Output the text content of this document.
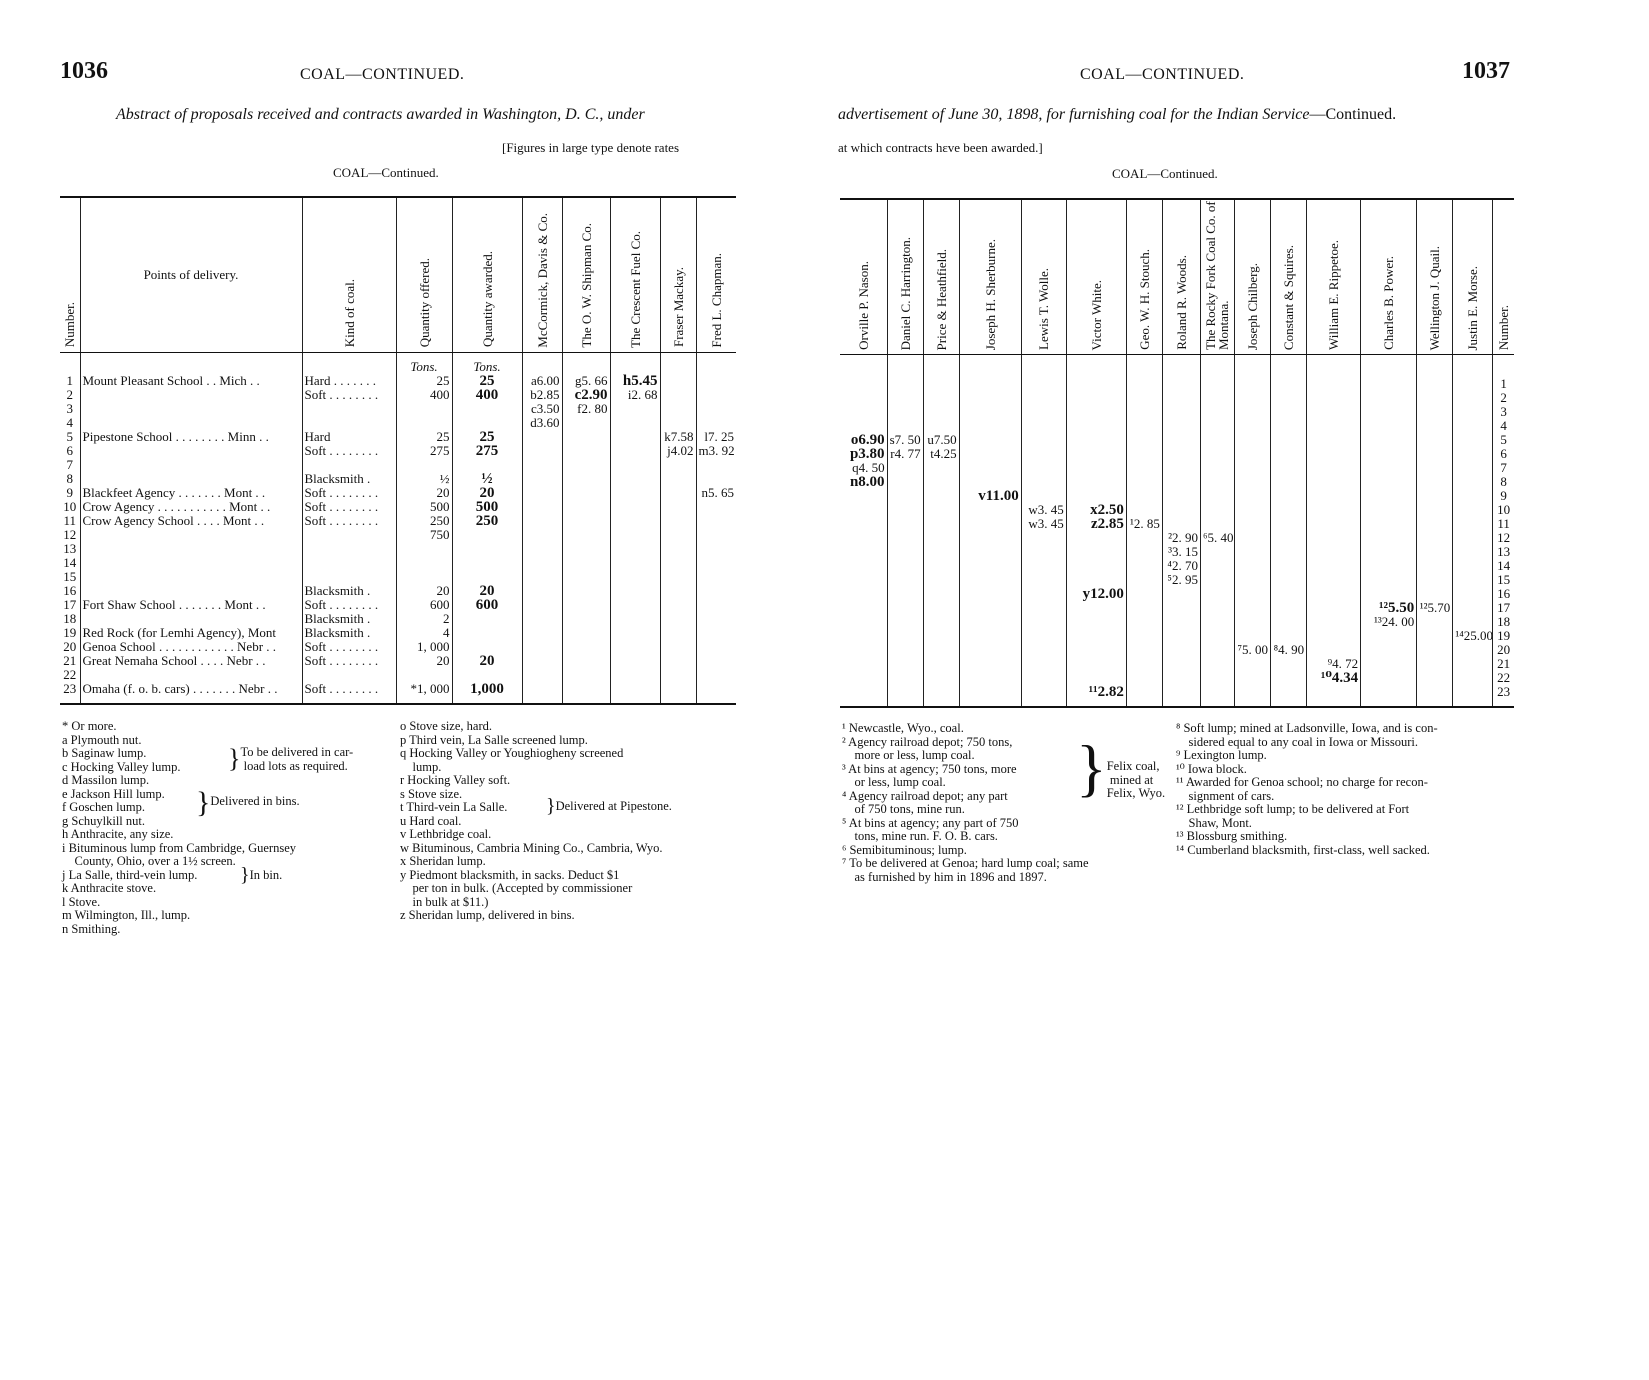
1036	COAL—CONTINUED.
Abstract of proposals received and contracts awarded in Washington, D. C., under
[Figures in large type denote rates
COAL—Continued.
Number.	Points of delivery.	Kind of coal.	Quantity offered.	Quantity awarded.	McCormick, Davis & Co.	The O. W. Shipman Co.	The Crescent Fuel Co.	Fraser Mackay.	Fred L. Chapman.
			Tons.	Tons.					
1	Mount Pleasant School . . Mich . .	Hard . . . . . . .	25	25	a6.00	g5. 66	h5.45		
2		Soft . . . . . . . .	400	400	b2.85	c2.90	i2. 68		
3					c3.50	f2. 80			
4					d3.60				
5	Pipestone School . . . . . . . . Minn . .	Hard	25	25				k7.58	l7. 25
6		Soft . . . . . . . .	275	275				j4.02	m3. 92
7									
8		Blacksmith .	½	½					
9	Blackfeet Agency . . . . . . . Mont . .	Soft . . . . . . . .	20	20					n5. 65
10	Crow Agency . . . . . . . . . . . Mont . .	Soft . . . . . . . .	500	500					
11	Crow Agency School . . . . Mont . .	Soft . . . . . . . .	250	250					
12			750						
13									
14									
15									
16		Blacksmith .	20	20					
17	Fort Shaw School . . . . . . . Mont . .	Soft . . . . . . . .	600	600					
18		Blacksmith .	2						
19	Red Rock (for Lemhi Agency), Mont	Blacksmith .	4						
20	Genoa School . . . . . . . . . . . . Nebr . .	Soft . . . . . . . .	1, 000						
21	Great Nemaha School . . . . Nebr . .	Soft . . . . . . . .	20	20					
22									
23	Omaha (f. o. b. cars) . . . . . . . Nebr . .	Soft . . . . . . . .	*1, 000	1,000					

* Or more.
a Plymouth nut.
b Saginaw lump.
c Hocking Valley lump.
d Massilon lump.
e Jackson Hill lump.
f Goschen lump.
g Schuylkill nut.
h Anthracite, any size.
i Bituminous lump from Cambridge, Guernsey
County, Ohio, over a 1½ screen.
j La Salle, third-vein lump.
k Anthracite stove.
l Stove.
m Wilmington, Ill., lump.
n Smithing.
} To be delivered in car-
load lots as required.
} Delivered in bins.
} In bin.
o Stove size, hard.
p Third vein, La Salle screened lump.
q Hocking Valley or Youghiogheny screened
lump.
r Hocking Valley soft.
s Stove size.
t Third-vein La Salle.
u Hard coal.
v Lethbridge coal.
w Bituminous, Cambria Mining Co., Cambria, Wyo.
x Sheridan lump.
y Piedmont blacksmith, in sacks. Deduct $1
per ton in bulk. (Accepted by commissioner
in bulk at $11.)
z Sheridan lump, delivered in bins.
} Delivered at Pipestone.
COAL—CONTINUED.	1037
advertisement of June 30, 1898, for furnishing coal for the Indian Service—Continued.
at which contracts hεve been awarded.]
COAL—Continued.
Orville P. Nason.	Daniel C. Harrington.	Price & Heathfield.	Joseph H. Sherburne.	Lewis T. Wolle.	Victor White.	Geo. W. H. Stouch.	Roland R. Woods.	The Rocky Fork Coal Co. of Montana.	Joseph Chilberg.	Constant & Squires.	William E. Rippetoe.	Charles B. Power.	Wellington J. Quail.	Justin E. Morse.	Number.

															1
															2
															3
															4
o6.90	s7. 50	u7.50													5
p3.80	r4. 77	t4.25													6
q4. 50															7
n8.00															8
			v11.00												9
				w3. 45	x2.50										10
				w3. 45	z2.85	¹2. 85									11
							²2. 90	⁶5. 40							12
							³3. 15								13
							⁴2. 70								14
							⁵2. 95								15
					y12.00										16
												¹²5.50	¹²5.70		17
												¹³24. 00			18
														¹⁴25.00	19
									⁷5. 00	⁸4. 90					20
											⁹4. 72				21
											¹⁰4.34				22
					¹¹2.82										23

¹ Newcastle, Wyo., coal.
² Agency railroad depot; 750 tons,
more or less, lump coal.
³ At bins at agency; 750 tons, more
or less, lump coal.
⁴ Agency railroad depot; any part
of 750 tons, mine run.
⁵ At bins at agency; any part of 750
tons, mine run. F. O. B. cars.
⁶ Semibituminous; lump.
⁷ To be delivered at Genoa; hard lump coal; same
as furnished by him in 1896 and 1897.
} Felix coal,
mined at
Felix, Wyo.
⁸ Soft lump; mined at Ladsonville, Iowa, and is con-
sidered equal to any coal in Iowa or Missouri.
⁹ Lexington lump.
¹⁰ Iowa block.
¹¹ Awarded for Genoa school; no charge for recon-
signment of cars.
¹² Lethbridge soft lump; to be delivered at Fort
Shaw, Mont.
¹³ Blossburg smithing.
¹⁴ Cumberland blacksmith, first-class, well sacked.
